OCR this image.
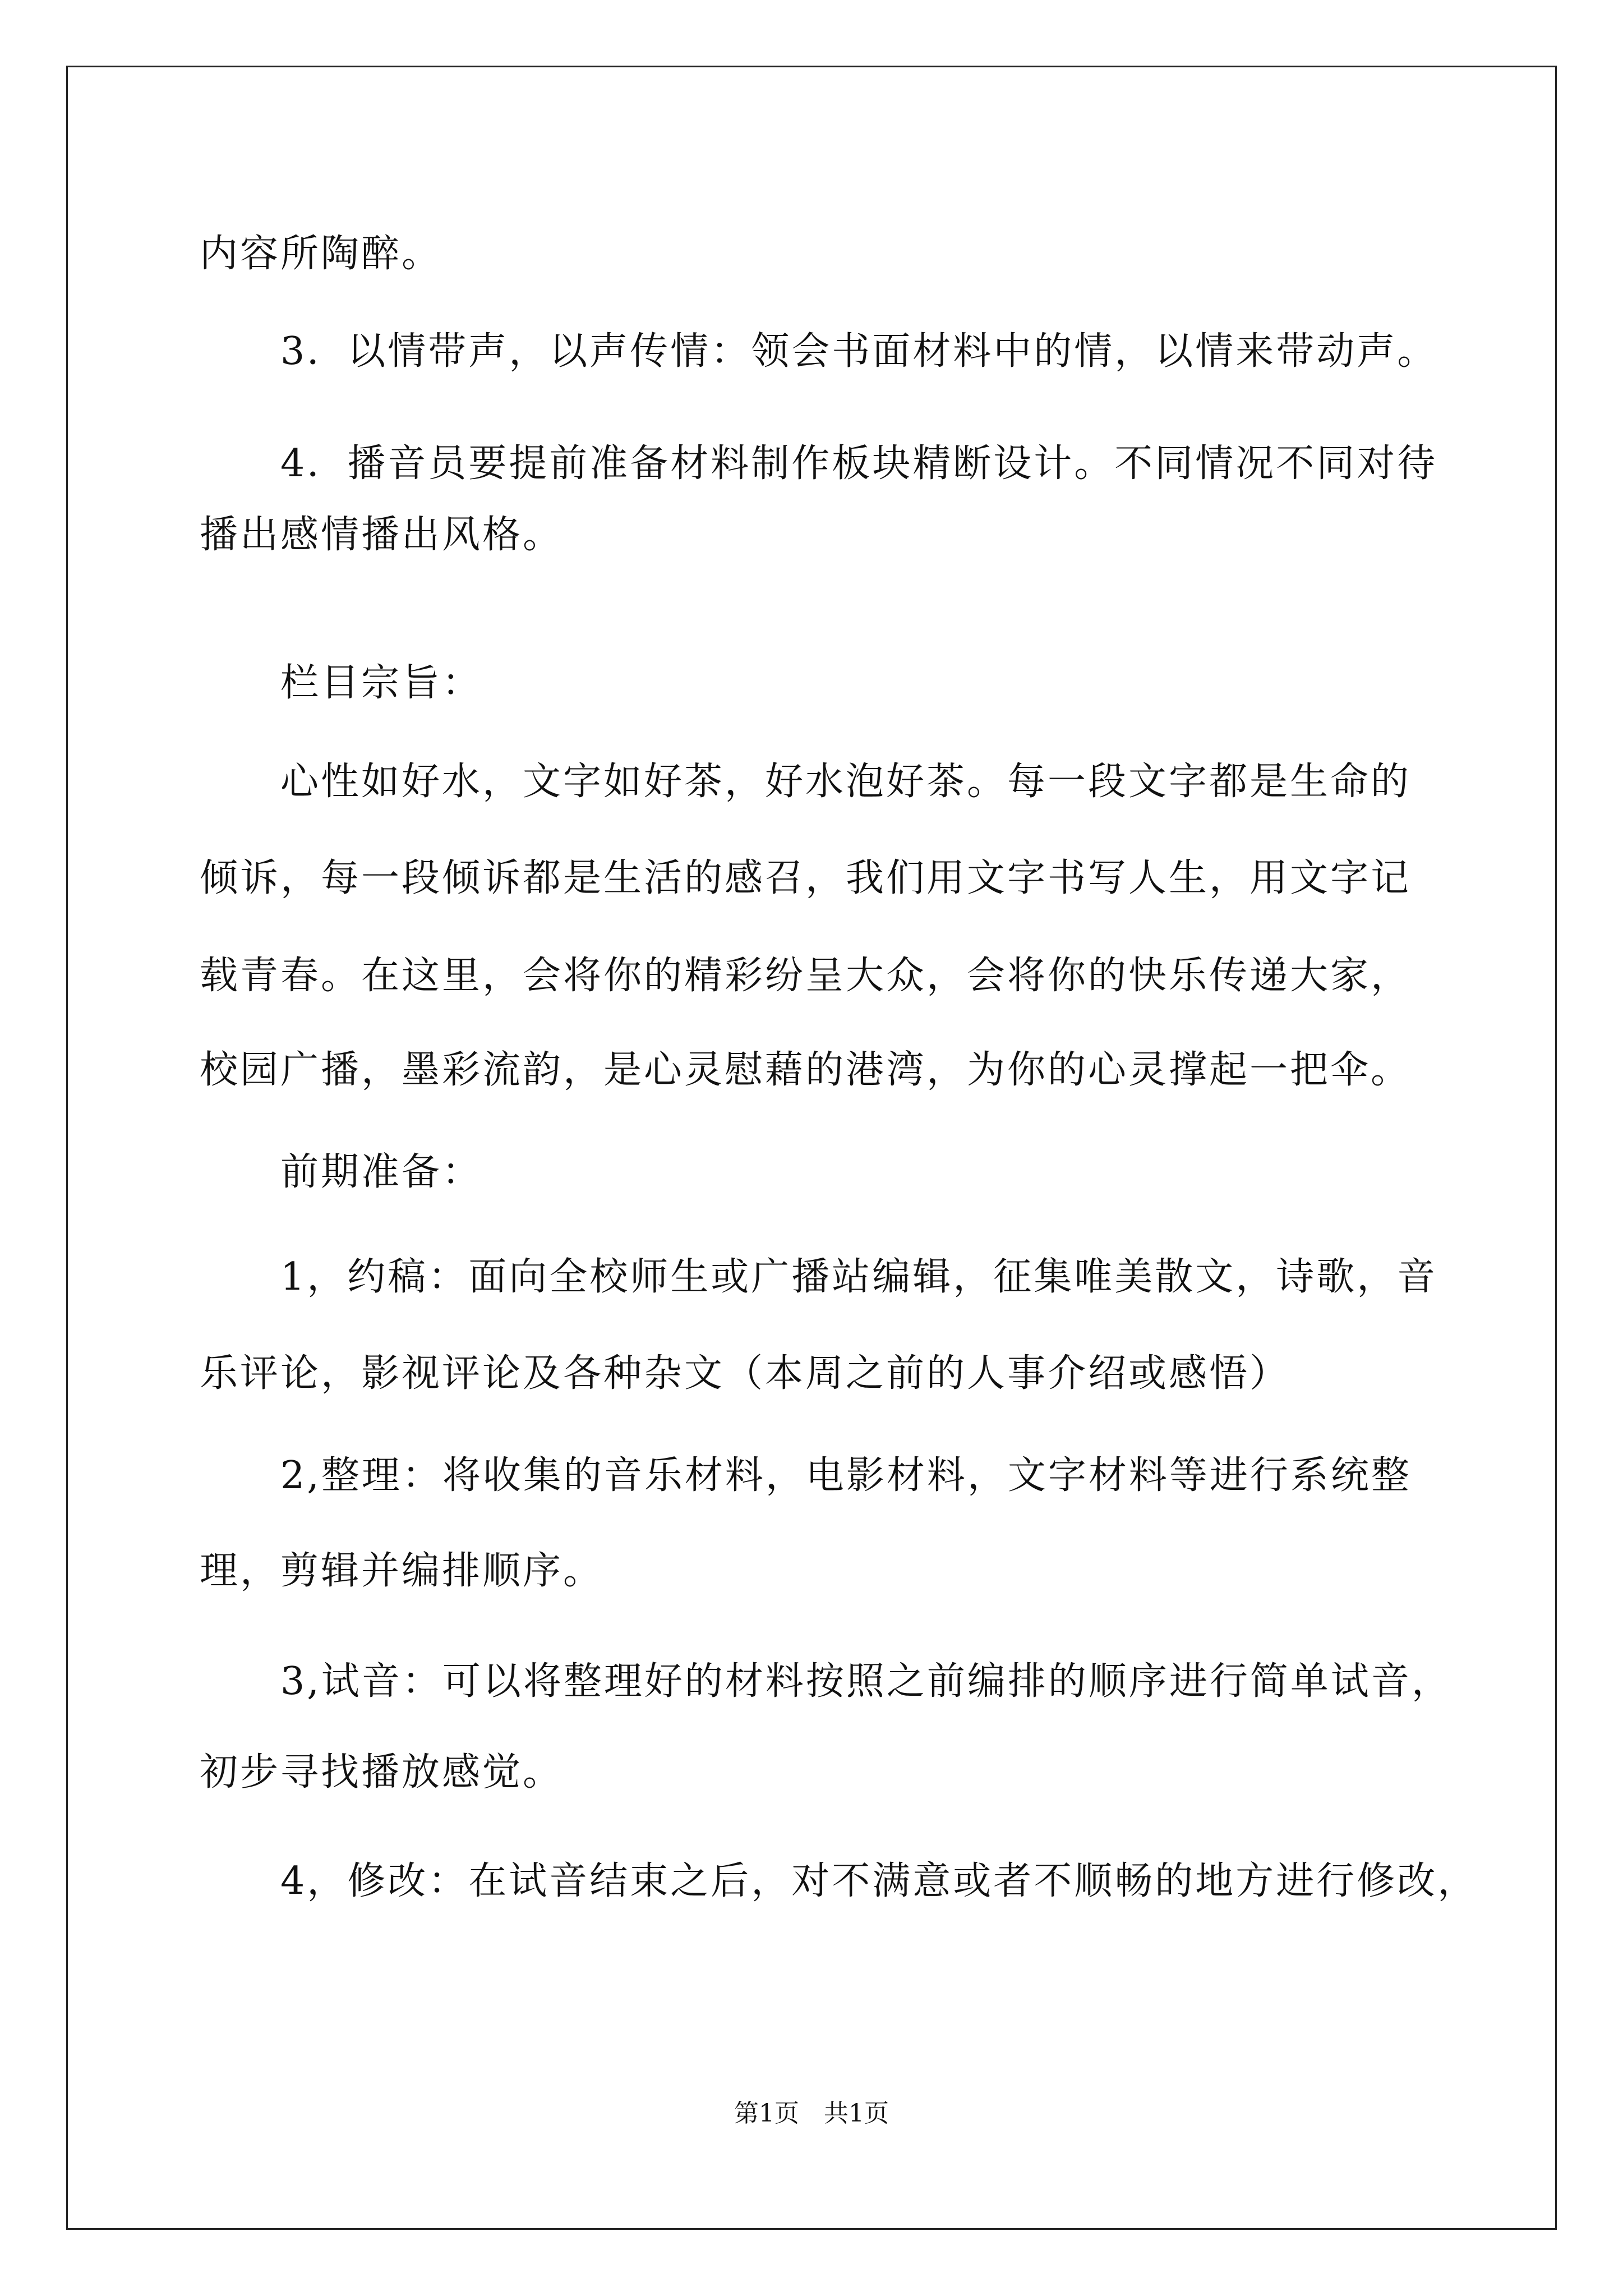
内容所陶醉。
3．以情带声，以声传情：领会书面材料中的情，以情来带动声。
4．播音员要提前准备材料制作板块精断设计。不同情况不同对待
播出感情播出风格。
栏目宗旨：
心性如好水，文字如好茶，好水泡好茶。每一段文字都是生命的
倾诉，每一段倾诉都是生活的感召，我们用文字书写人生，用文字记
载青春。在这里，会将你的精彩纷呈大众，会将你的快乐传递大家，
校园广播，墨彩流韵，是心灵慰藉的港湾，为你的心灵撑起一把伞。
前期准备：
1，约稿：面向全校师生或广播站编辑，征集唯美散文，诗歌，音
乐评论，影视评论及各种杂文（本周之前的人事介绍或感悟）
2,整理：将收集的音乐材料，电影材料，文字材料等进行系统整
理，剪辑并编排顺序。
3,试音：可以将整理好的材料按照之前编排的顺序进行简单试音，
初步寻找播放感觉。
4，修改：在试音结束之后，对不满意或者不顺畅的地方进行修改，
第1页　共1页
